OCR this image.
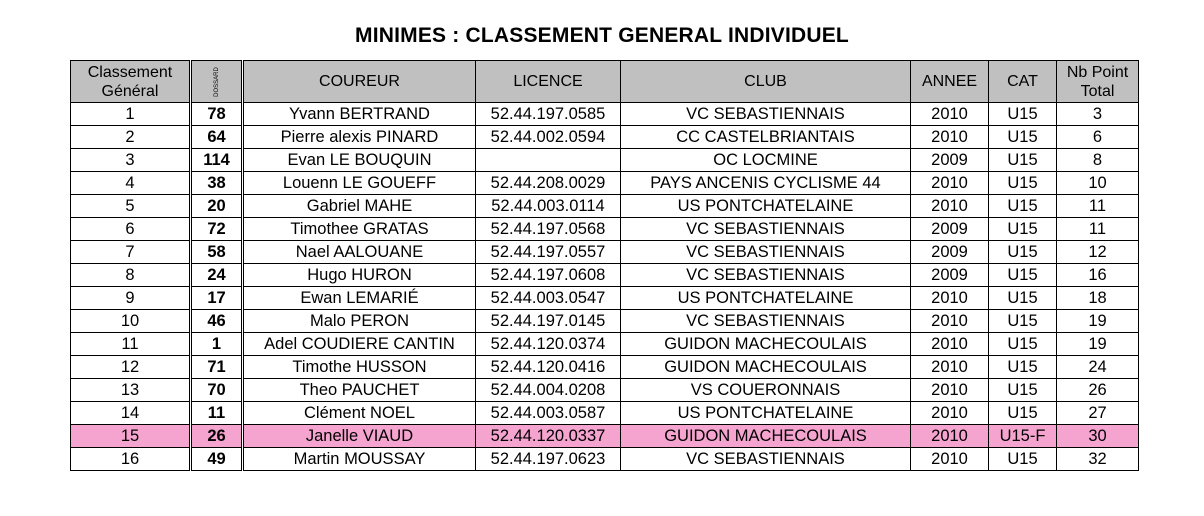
MINIMES : CLASSEMENT GENERAL INDIVIDUEL
Classement Général	DOSSARD	COUREUR	LICENCE	CLUB	ANNEE	CAT	Nb Point Total
1	78	Yvann BERTRAND	52.44.197.0585	VC SEBASTIENNAIS	2010	U15	3
2	64	Pierre alexis PINARD	52.44.002.0594	CC CASTELBRIANTAIS	2010	U15	6
3	114	Evan LE BOUQUIN		OC LOCMINE	2009	U15	8
4	38	Louenn LE GOUEFF	52.44.208.0029	PAYS ANCENIS CYCLISME 44	2010	U15	10
5	20	Gabriel MAHE	52.44.003.0114	US PONTCHATELAINE	2010	U15	11
6	72	Timothee GRATAS	52.44.197.0568	VC SEBASTIENNAIS	2009	U15	11
7	58	Nael AALOUANE	52.44.197.0557	VC SEBASTIENNAIS	2009	U15	12
8	24	Hugo HURON	52.44.197.0608	VC SEBASTIENNAIS	2009	U15	16
9	17	Ewan LEMARIÉ	52.44.003.0547	US PONTCHATELAINE	2010	U15	18
10	46	Malo PERON	52.44.197.0145	VC SEBASTIENNAIS	2010	U15	19
11	1	Adel COUDIERE CANTIN	52.44.120.0374	GUIDON MACHECOULAIS	2010	U15	19
12	71	Timothe HUSSON	52.44.120.0416	GUIDON MACHECOULAIS	2010	U15	24
13	70	Theo PAUCHET	52.44.004.0208	VS COUERONNAIS	2010	U15	26
14	11	Clément NOEL	52.44.003.0587	US PONTCHATELAINE	2010	U15	27
15	26	Janelle VIAUD	52.44.120.0337	GUIDON MACHECOULAIS	2010	U15-F	30
16	49	Martin MOUSSAY	52.44.197.0623	VC SEBASTIENNAIS	2010	U15	32
